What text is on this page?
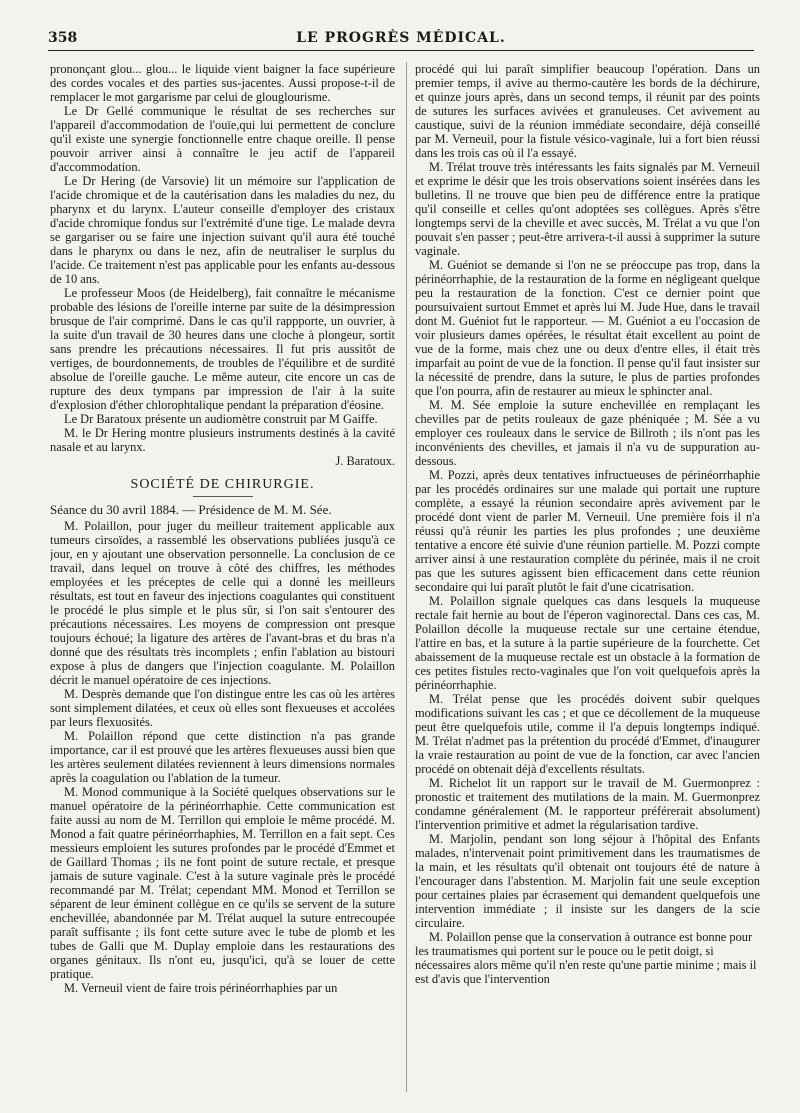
358	LE PROGRÈS MÉDICAL.

prononçant glou... glou... le liquide vient baigner la face supérieure des cordes vocales et des parties sus-jacentes. Aussi propose-t-il de remplacer le mot gargarisme par celui de glouglourisme.

Le Dr Gellé communique le résultat de ses recherches sur l'appareil d'accommodation de l'ouïe,qui lui permettent de conclure qu'il existe une synergie fonctionnelle entre chaque oreille. Il pense pouvoir arriver ainsi à connaître le jeu actif de l'appareil d'accommodation.

Le Dr Hering (de Varsovie) lit un mémoire sur l'application de l'acide chromique et de la cautérisation dans les maladies du nez, du pharynx et du larynx. L'auteur conseille d'employer des cristaux d'acide chromique fondus sur l'extrémité d'une tige. Le malade devra se gargariser ou se faire une injection suivant qu'il aura été touché dans le pharynx ou dans le nez, afin de neutraliser le surplus du l'acide. Ce traitement n'est pas applicable pour les enfants au-dessous de 10 ans.

Le professeur Moos (de Heidelberg), fait connaître le mécanisme probable des lésions de l'oreille interne par suite de la désimpression brusque de l'air comprimé. Dans le cas qu'il rappporte, un ouvrier, à la suite d'un travail de 30 heures dans une cloche à plongeur, sortit sans prendre les précautions nécessaires. Il fut pris aussitôt de vertiges, de bourdonnements, de troubles de l'équilibre et de surdité absolue de l'oreille gauche. Le même auteur, cite encore un cas de rupture des deux tympans par impression de l'air à la suite d'explosion d'éther chlorophtalique pendant la préparation d'éosine.

Le Dr Baratoux présente un audiomètre construit par M Gaiffe.

M. le Dr Hering montre plusieurs instruments destinés à la cavité nasale et au larynx.

J. Baratoux.

SOCIÉTÉ DE CHIRURGIE.

Séance du 30 avril 1884. — Présidence de M. M. Sée.

M. Polaillon, pour juger du meilleur traitement applicable aux tumeurs cirsoïdes, a rassemblé les observations publiées jusqu'à ce jour, en y ajoutant une observation personnelle. La conclusion de ce travail, dans lequel on trouve à côté des chiffres, les méthodes employées et les préceptes de celle qui a donné les meilleurs résultats, est tout en faveur des injections coagulantes qui constituent le procédé le plus simple et le plus sûr, si l'on sait s'entourer des précautions nécessaires. Les moyens de compression ont presque toujours échoué; la ligature des artères de l'avant-bras et du bras n'a donné que des résultats très incomplets ; enfin l'ablation au bistouri expose à plus de dangers que l'injection coagulante. M. Polaillon décrit le manuel opératoire de ces injections.

M. Desprès demande que l'on distingue entre les cas où les artères sont simplement dilatées, et ceux où elles sont flexueuses et accolées par leurs flexuosités.

M. Polaillon répond que cette distinction n'a pas grande importance, car il est prouvé que les artères flexueuses aussi bien que les artères seulement dilatées reviennent à leurs dimensions normales après la coagulation ou l'ablation de la tumeur.

M. Monod communique à la Société quelques observations sur le manuel opératoire de la périnéorrhaphie. Cette communication est faite aussi au nom de M. Terrillon qui emploie le même procédé. M. Monod a fait quatre périnéorrhaphies, M. Terrillon en a fait sept. Ces messieurs emploient les sutures profondes par le procédé d'Emmet et de Gaillard Thomas ; ils ne font point de suture rectale, et presque jamais de suture vaginale. C'est à la suture vaginale près le procédé recommandé par M. Trélat; cependant MM. Monod et Terrillon se séparent de leur éminent collègue en ce qu'ils se servent de la suture enchevillée, abandonnée par M. Trélat auquel la suture entrecoupée paraît suffisante ; ils font cette suture avec le tube de plomb et les tubes de Galli que M. Duplay emploie dans les restaurations des organes génitaux. Ils n'ont eu, jusqu'ici, qu'à se louer de cette pratique.

M. Verneuil vient de faire trois périnéorrhaphies par un

procédé qui lui paraît simplifier beaucoup l'opération. Dans un premier temps, il avive au thermo-cautère les bords de la déchirure, et quinze jours après, dans un second temps, il réunit par des points de sutures les surfaces avivées et granuleuses. Cet avivement au caustique, suivi de la réunion immédiate secondaire, déjà conseillé par M. Verneuil, pour la fistule vésico-vaginale, lui a fort bien réussi dans les trois cas où il l'a essayé.

M. Trélat trouve très intéressants les faits signalés par M. Verneuil et exprime le désir que les trois observations soient insérées dans les bulletins. Il ne trouve que bien peu de différence entre la pratique qu'il conseille et celles qu'ont adoptées ses collègues. Après s'être longtemps servi de la cheville et avec succès, M. Trélat a vu que l'on pouvait s'en passer ; peut-être arrivera-t-il aussi à supprimer la suture vaginale.

M. Guéniot se demande si l'on ne se préoccupe pas trop, dans la périnéorrhaphie, de la restauration de la forme en négligeant quelque peu la restauration de la fonction. C'est ce dernier point que poursuivaient surtout Emmet et après lui M. Jude Hue, dans le travail dont M. Guéniot fut le rapporteur. — M. Guéniot a eu l'occasion de voir plusieurs dames opérées, le résultat était excellent au point de vue de la forme, mais chez une ou deux d'entre elles, il était très imparfait au point de vue de la fonction. Il pense qu'il faut insister sur la nécessité de prendre, dans la suture, le plus de parties profondes que l'on pourra, afin de restaurer au mieux le sphincter anal.

M. M. Sée emploie la suture enchevillée en remplaçant les chevilles par de petits rouleaux de gaze phéniquée ; M. Sée a vu employer ces rouleaux dans le service de Billroth ; ils n'ont pas les inconvénients des chevilles, et jamais il n'a vu de suppuration au-dessous.

M. Pozzi, après deux tentatives infructueuses de périnéorrhaphie par les procédés ordinaires sur une malade qui portait une rupture complète, a essayé la réunion secondaire après avivement par le procédé dont vient de parler M. Verneuil. Une première fois il n'a réussi qu'à réunir les parties les plus profondes ; une deuxième tentative a encore été suivie d'une réunion partielle. M. Pozzi compte arriver ainsi à une restauration complète du périnée, mais il ne croit pas que les sutures agissent bien efficacement dans cette réunion secondaire qui lui paraît plutôt le fait d'une cicatrisation.

M. Polaillon signale quelques cas dans lesquels la muqueuse rectale fait hernie au bout de l'éperon vaginorectal. Dans ces cas, M. Polaillon décolle la muqueuse rectale sur une certaine étendue, l'attire en bas, et la suture à la partie supérieure de la fourchette. Cet abaissement de la muqueuse rectale est un obstacle à la formation de ces petites fistules recto-vaginales que l'on voit quelquefois après la périnéorrhaphie.

M. Trélat pense que les procédés doivent subir quelques modifications suivant les cas ; et que ce décollement de la muqueuse peut être quelquefois utile, comme il l'a depuis longtemps indiqué. M. Trélat n'admet pas la prétention du procédé d'Emmet, d'inaugurer la vraie restauration au point de vue de la fonction, car avec l'ancien procédé on obtenait déjà d'excellents résultats.

M. Richelot lit un rapport sur le travail de M. Guermonprez : pronostic et traitement des mutilations de la main. M. Guermonprez condamne généralement (M. le rapporteur préférerait absolument) l'intervention primitive et admet la régularisation tardive.

M. Marjolin, pendant son long séjour à l'hôpital des Enfants malades, n'intervenait point primitivement dans les traumatismes de la main, et les résultats qu'il obtenait ont toujours été de nature à l'encourager dans l'abstention. M. Marjolin fait une seule exception pour certaines plaies par écrasement qui demandent quelquefois une intervention immédiate ; il insiste sur les dangers de la scie circulaire.

M. Polaillon pense que la conservation à outrance est bonne pour les traumatismes qui portent sur le pouce ou le petit doigt, si nécessaires alors même qu'il n'en reste qu'une partie minime ; mais il est d'avis que l'intervention
